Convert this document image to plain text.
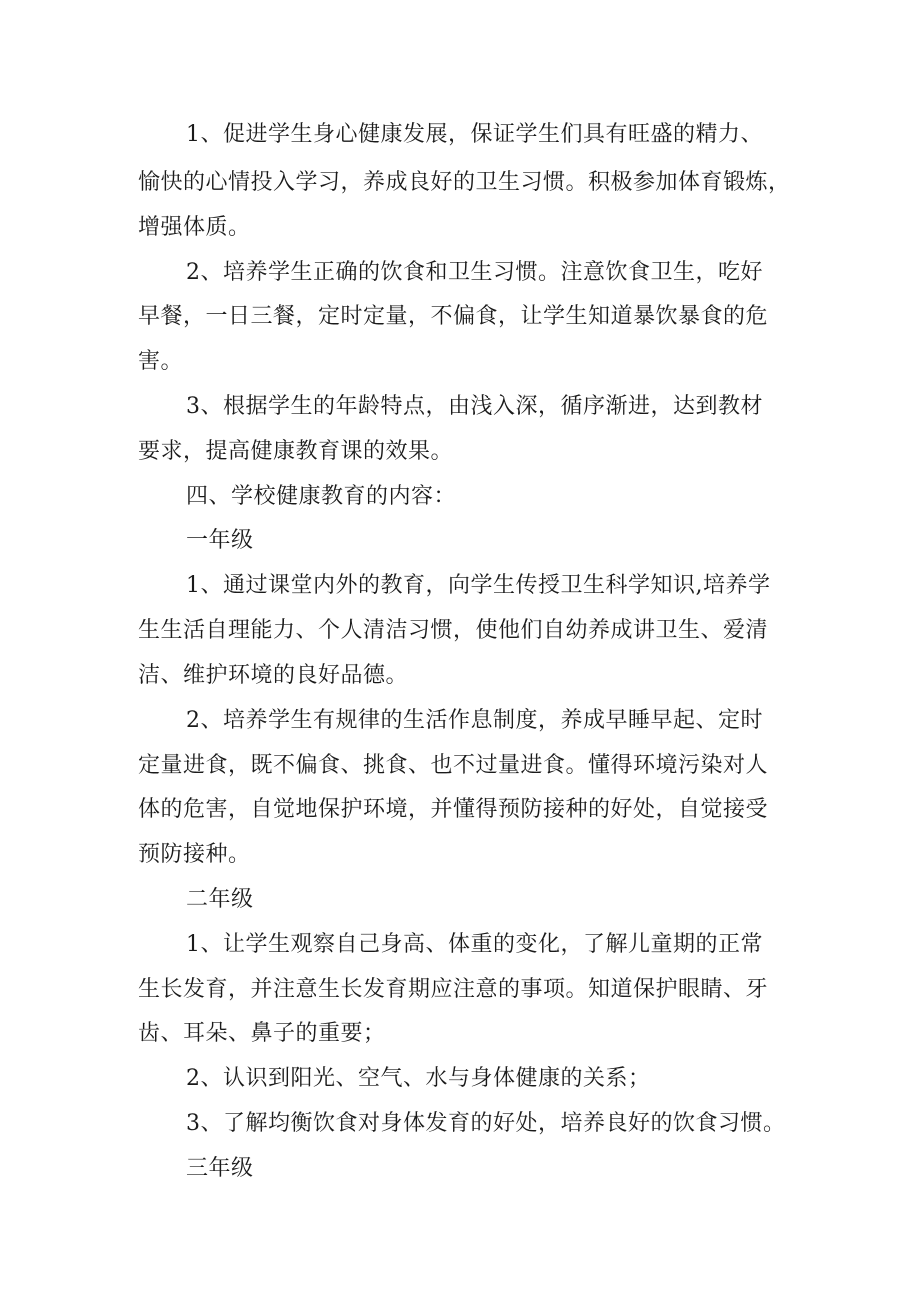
1、促进学生身心健康发展，保证学生们具有旺盛的精力、
愉快的心情投入学习，养成良好的卫生习惯。积极参加体育锻炼，
增强体质。
2、培养学生正确的饮食和卫生习惯。注意饮食卫生，吃好
早餐，一日三餐，定时定量，不偏食，让学生知道暴饮暴食的危
害。
3、根据学生的年龄特点，由浅入深，循序渐进，达到教材
要求，提高健康教育课的效果。
四、学校健康教育的内容：
一年级
1、通过课堂内外的教育，向学生传授卫生科学知识,培养学
生生活自理能力、个人清洁习惯，使他们自幼养成讲卫生、爱清
洁、维护环境的良好品德。
2、培养学生有规律的生活作息制度，养成早睡早起、定时
定量进食，既不偏食、挑食、也不过量进食。懂得环境污染对人
体的危害，自觉地保护环境，并懂得预防接种的好处，自觉接受
预防接种。
二年级
1、让学生观察自己身高、体重的变化，了解儿童期的正常
生长发育，并注意生长发育期应注意的事项。知道保护眼睛、牙
齿、耳朵、鼻子的重要；
2、认识到阳光、空气、水与身体健康的关系；
3、了解均衡饮食对身体发育的好处，培养良好的饮食习惯。
三年级
